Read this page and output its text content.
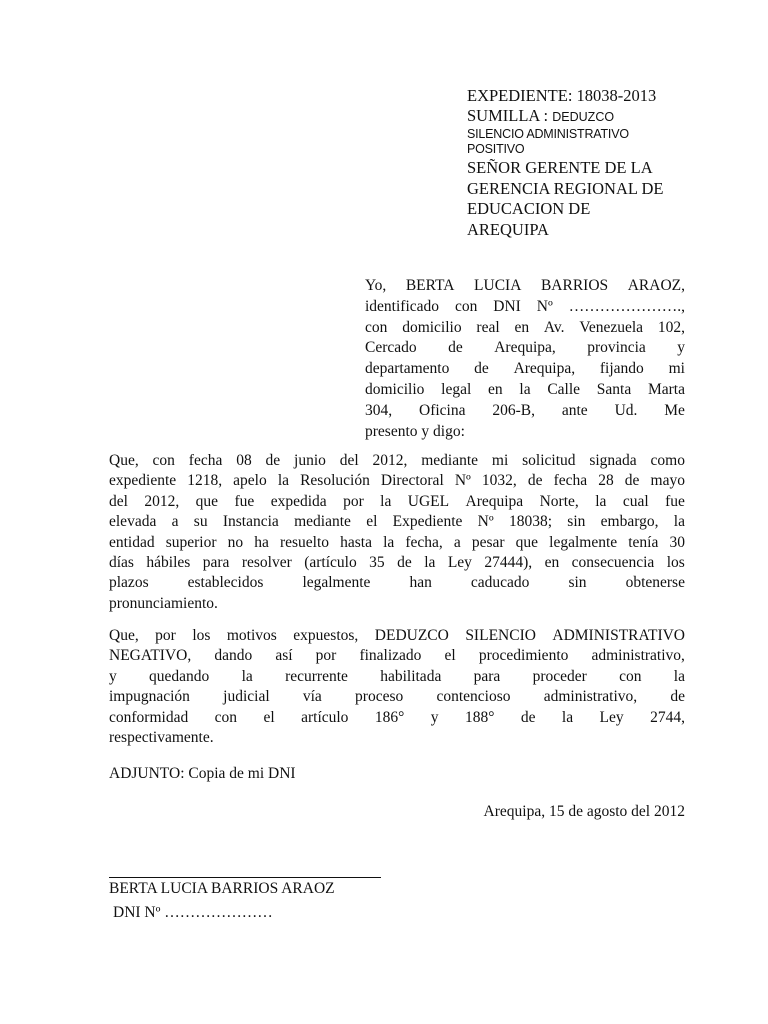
EXPEDIENTE: 18038-2013
SUMILLA : DEDUZCO
SILENCIO ADMINISTRATIVO
POSITIVO
SEÑOR GERENTE DE LA
GERENCIA REGIONAL DE
EDUCACION DE
AREQUIPA
Yo, BERTA LUCIA BARRIOS ARAOZ,
identificado con DNI Nº ………………….,
con domicilio real en Av. Venezuela 102,
Cercado de Arequipa, provincia y
departamento de Arequipa, fijando mi
domicilio legal en la Calle Santa Marta
304, Oficina 206-B, ante Ud. Me
presento y digo:
Que, con fecha 08 de junio del 2012, mediante mi solicitud signada como
expediente 1218, apelo la Resolución Directoral Nº 1032, de fecha 28 de mayo
del 2012, que fue expedida por la UGEL Arequipa Norte, la cual fue
elevada a su Instancia mediante el Expediente Nº 18038; sin embargo, la
entidad superior no ha resuelto hasta la fecha, a pesar que legalmente tenía 30
días hábiles para resolver (artículo 35 de la Ley 27444), en consecuencia los
plazos	establecidos	legalmente	han	caducado	sin	obtenerse
pronunciamiento.
Que, por los motivos expuestos, DEDUZCO SILENCIO ADMINISTRATIVO
NEGATIVO, dando así por finalizado el procedimiento administrativo,
y quedando la recurrente habilitada para proceder con la
impugnación judicial vía proceso contencioso administrativo, de
conformidad con el artículo 186° y 188° de la Ley 2744,
respectivamente.
ADJUNTO: Copia de mi DNI
Arequipa, 15 de agosto del 2012
BERTA LUCIA BARRIOS ARAOZ
DNI Nº …………………
